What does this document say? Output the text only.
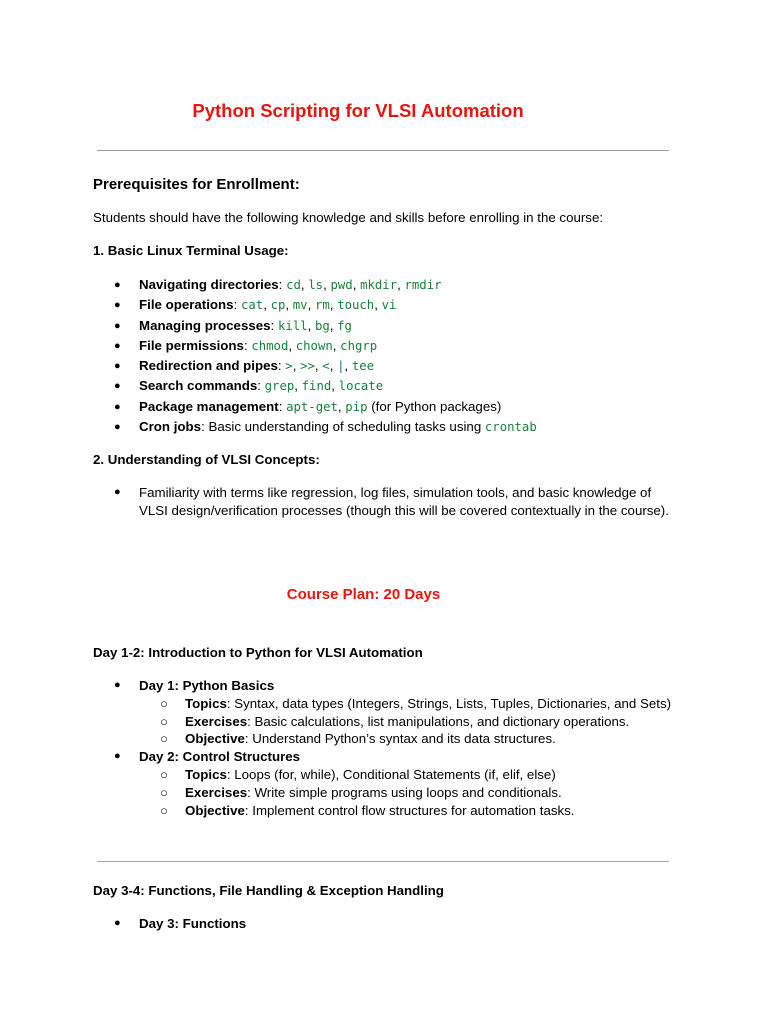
Python Scripting for VLSI Automation
Prerequisites for Enrollment:

Students should have the following knowledge and skills before enrolling in the course:

1. Basic Linux Terminal Usage:

● Navigating directories: cd, ls, pwd, mkdir, rmdir
● File operations: cat, cp, mv, rm, touch, vi
● Managing processes: kill, bg, fg
● File permissions: chmod, chown, chgrp
● Redirection and pipes: >, >>, <, |, tee
● Search commands: grep, find, locate
● Package management: apt-get, pip (for Python packages)
● Cron jobs: Basic understanding of scheduling tasks using crontab

2. Understanding of VLSI Concepts:

● Familiarity with terms like regression, log files, simulation tools, and basic knowledge of VLSI design/verification processes (though this will be covered contextually in the course).
Course Plan: 20 Days

Day 1-2: Introduction to Python for VLSI Automation

● Day 1: Python Basics
○ Topics: Syntax, data types (Integers, Strings, Lists, Tuples, Dictionaries, and Sets)
○ Exercises: Basic calculations, list manipulations, and dictionary operations.
○ Objective: Understand Python’s syntax and its data structures.
● Day 2: Control Structures
○ Topics: Loops (for, while), Conditional Statements (if, elif, else)
○ Exercises: Write simple programs using loops and conditionals.
○ Objective: Implement control flow structures for automation tasks.

Day 3-4: Functions, File Handling & Exception Handling

● Day 3: Functions
